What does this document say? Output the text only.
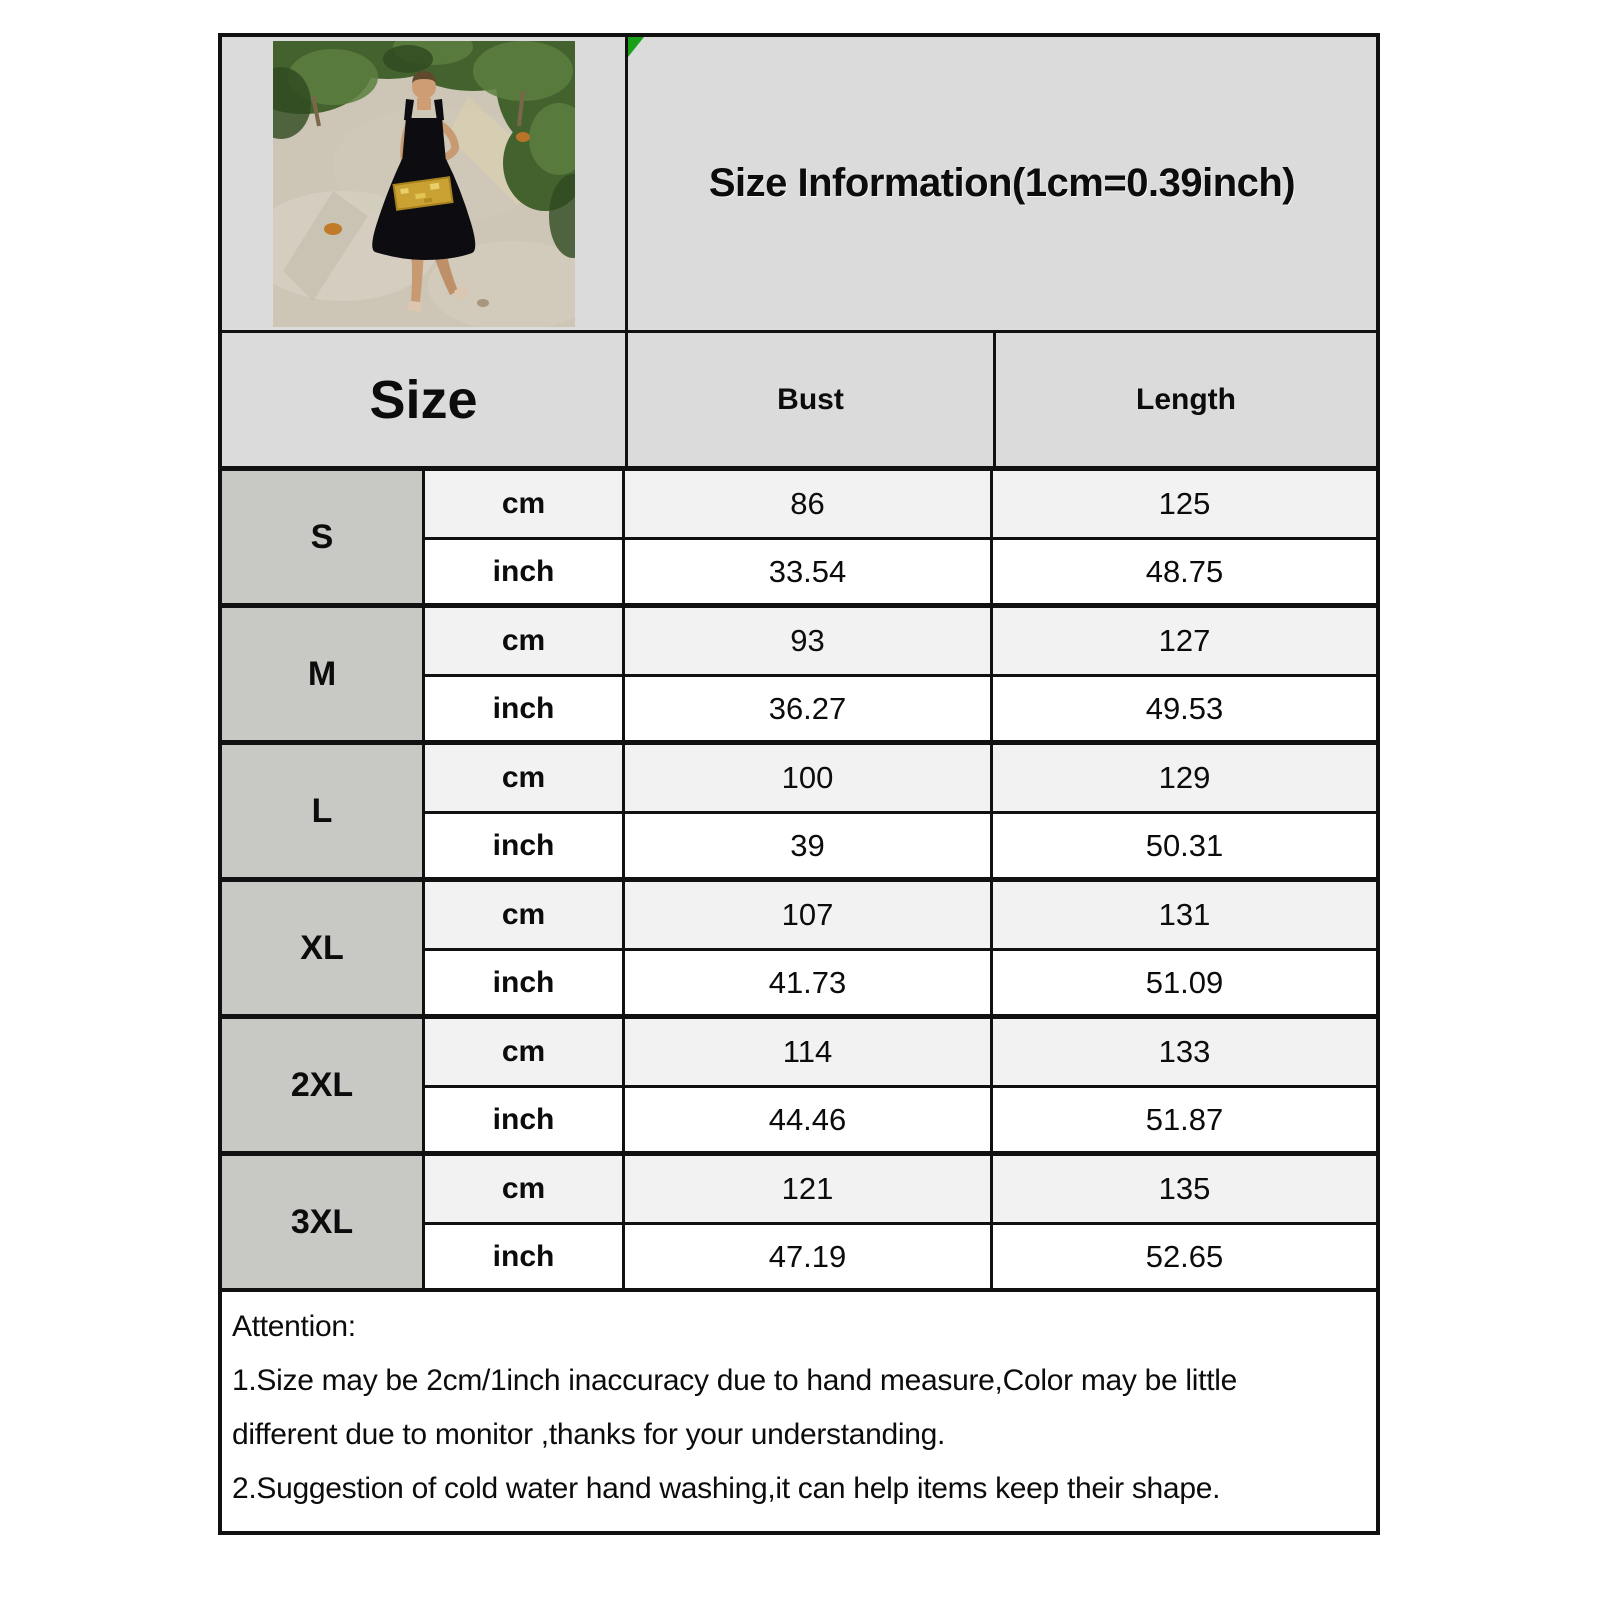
Size Information(1cm=0.39inch)
Size	Bust	Length
S
cm	86	125
inch	33.54	48.75
M
cm	93	127
inch	36.27	49.53
L
cm	100	129
inch	39	50.31
XL
cm	107	131
inch	41.73	51.09
2XL
cm	114	133
inch	44.46	51.87
3XL
cm	121	135
inch	47.19	52.65
Attention:
1.Size may be 2cm/1inch inaccuracy due to hand measure,Color may be little
different due to monitor ,thanks for your understanding.
2.Suggestion of cold water hand washing,it can help items keep their shape.
